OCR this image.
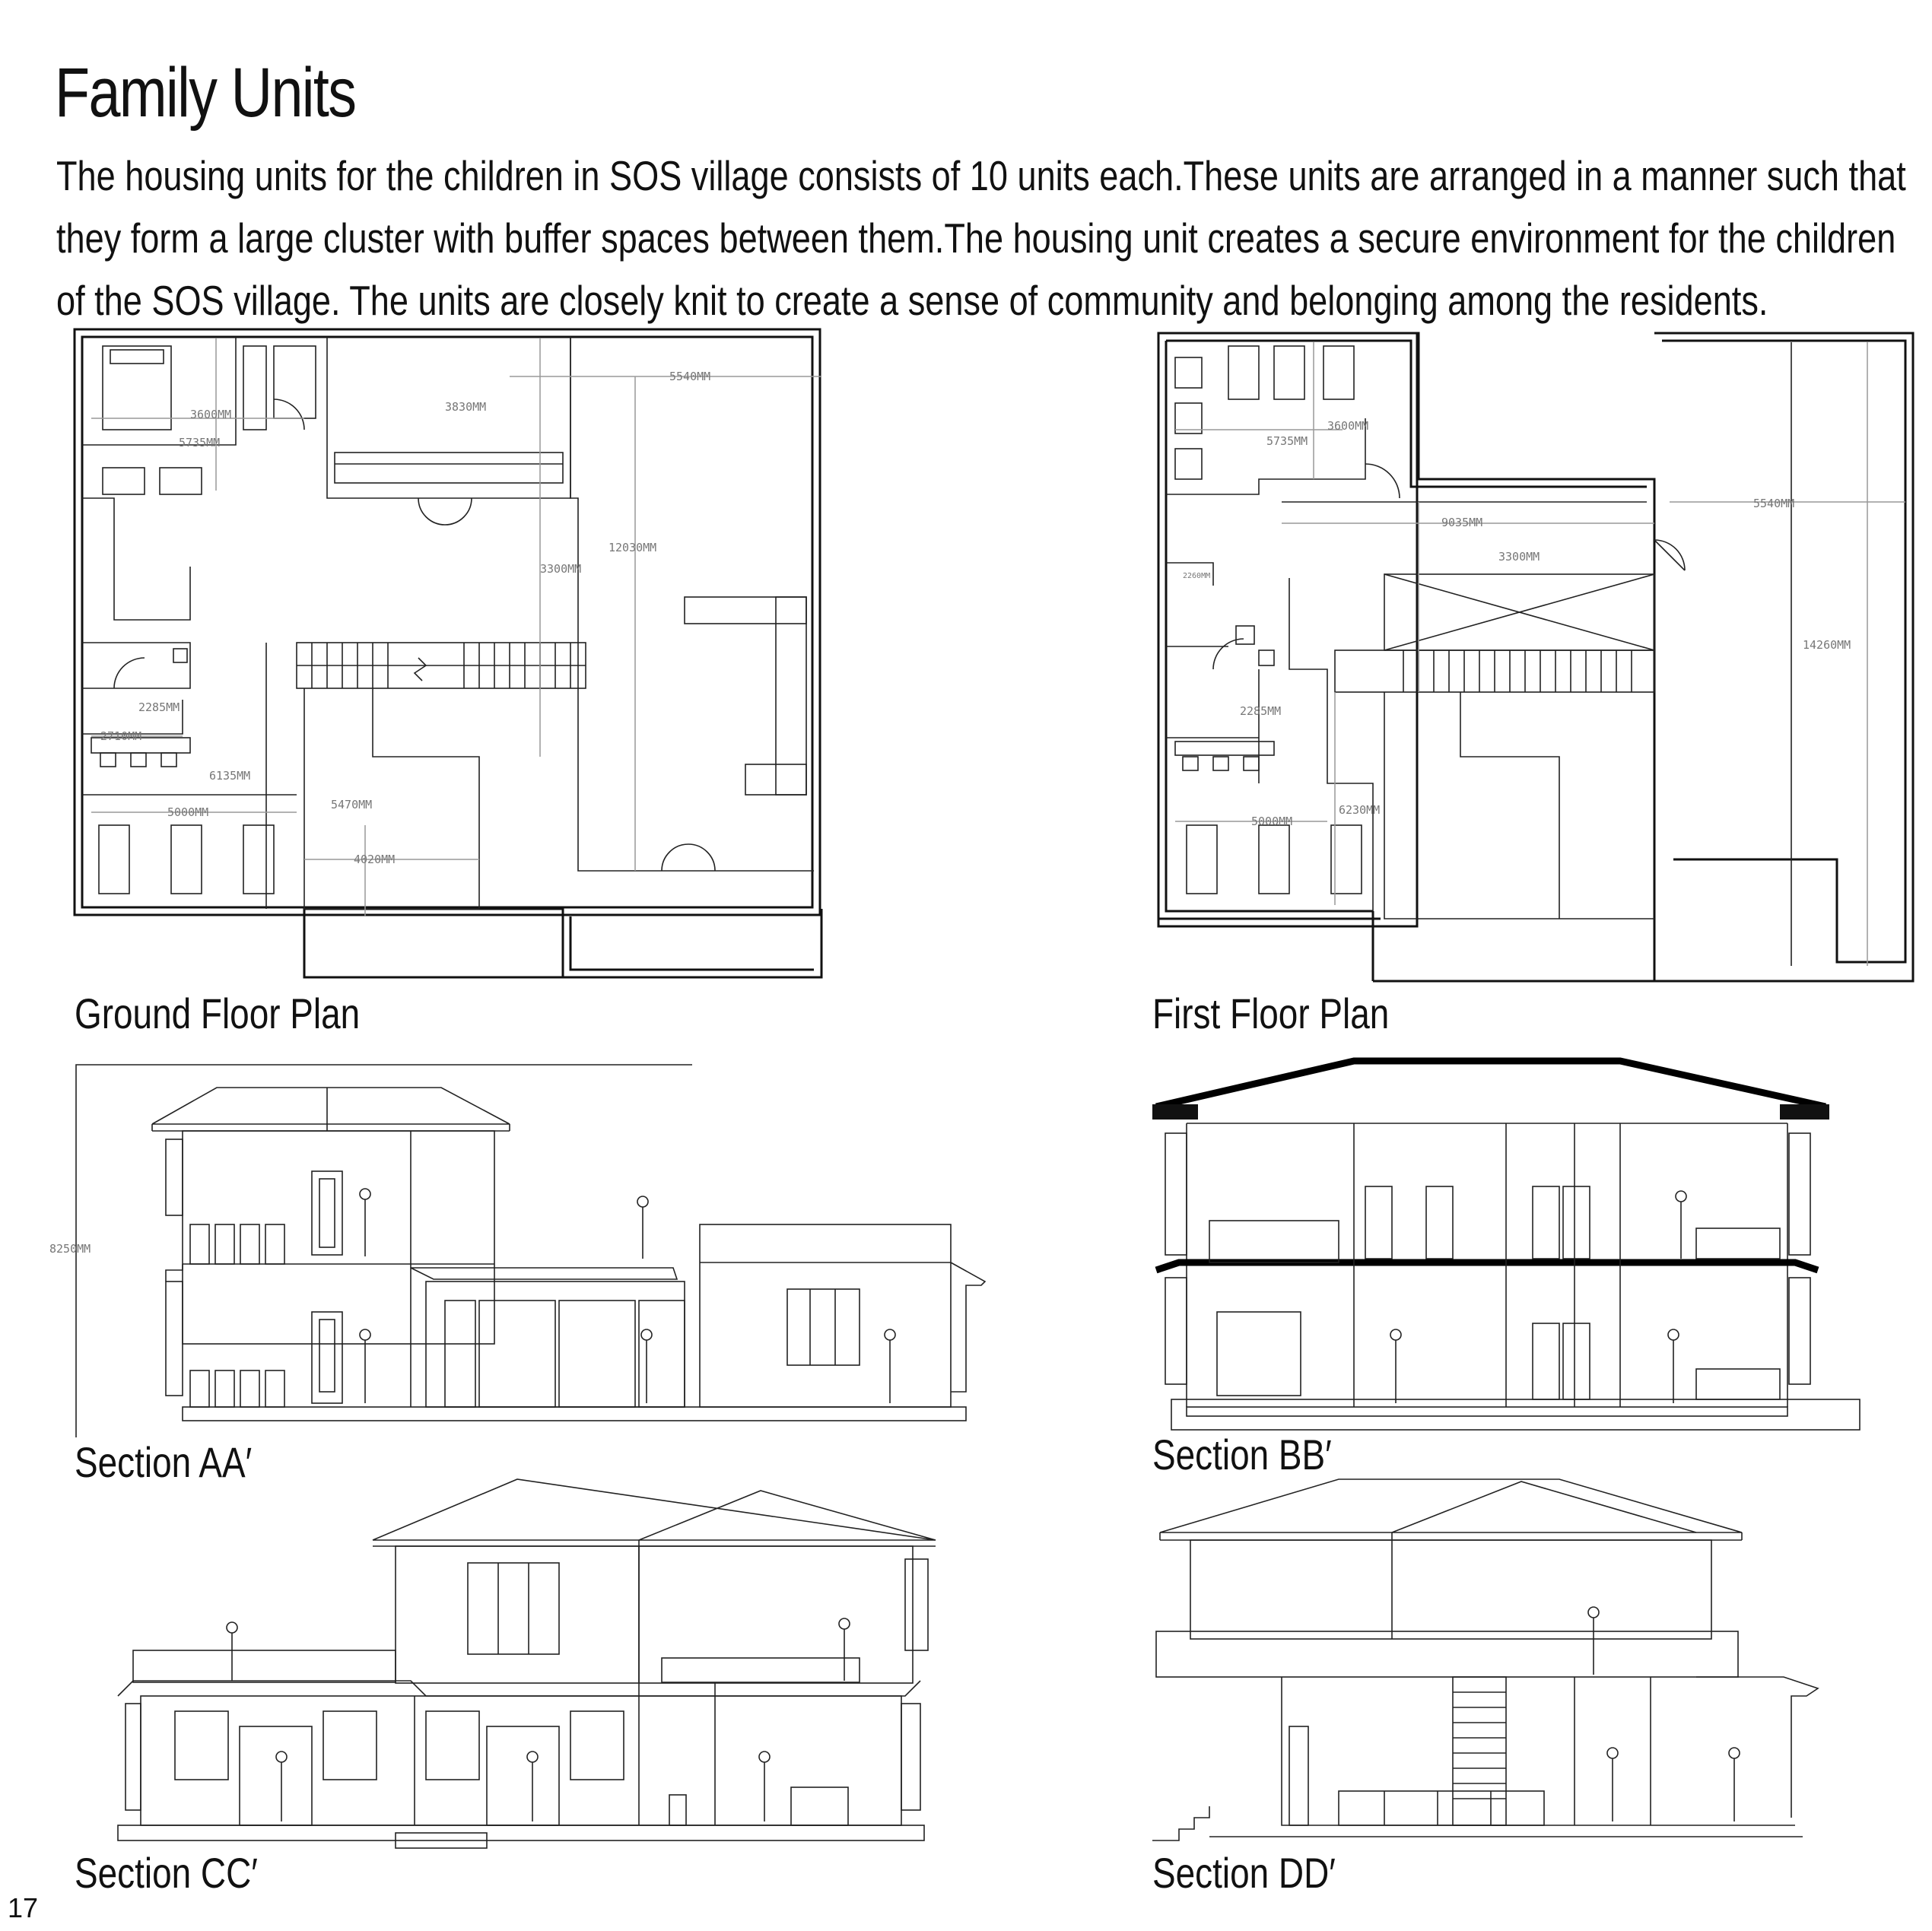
Family Units
The housing units for the children in SOS village consists of 10 units each.These units are arranged in a manner such that
they form a large cluster with buffer spaces between them.The housing unit creates a secure environment for the children
of the SOS village. The units are closely knit to create a sense of community and belonging among the residents.
3600MM
3830MM
5540MM
5735MM
12030MM
3300MM
2285MM
2710MM
6135MM
5000MM
5470MM
4020MM
Ground Floor Plan
3600MM
5735MM
5540MM
9035MM
3300MM
2260MM
14260MM
2285MM
5000MM
6230MM
First Floor Plan
8250MM
Section AA′	Section BB′
Section CC′	Section DD′
17
